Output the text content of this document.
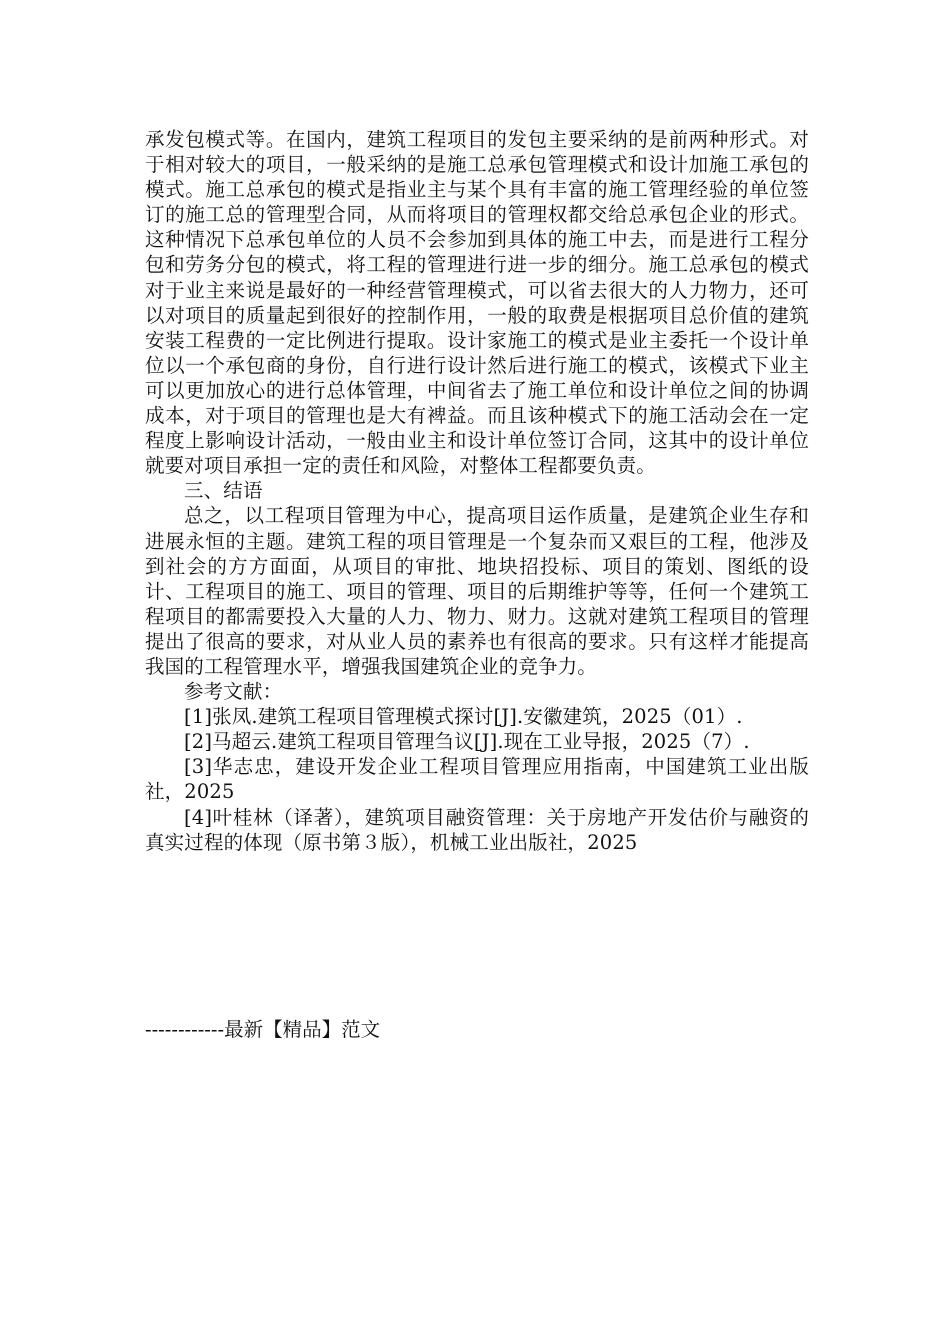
承发包模式等。在国内，建筑工程项目的发包主要采纳的是前两种形式。对于相对较大的项目，一般采纳的是施工总承包管理模式和设计加施工承包的模式。施工总承包的模式是指业主与某个具有丰富的施工管理经验的单位签订的施工总的管理型合同，从而将项目的管理权都交给总承包企业的形式。这种情况下总承包单位的人员不会参加到具体的施工中去，而是进行工程分包和劳务分包的模式，将工程的管理进行进一步的细分。施工总承包的模式对于业主来说是最好的一种经营管理模式，可以省去很大的人力物力，还可以对项目的质量起到很好的控制作用，一般的取费是根据项目总价值的建筑安装工程费的一定比例进行提取。设计家施工的模式是业主委托一个设计单位以一个承包商的身份，自行进行设计然后进行施工的模式，该模式下业主可以更加放心的进行总体管理，中间省去了施工单位和设计单位之间的协调成本，对于项目的管理也是大有裨益。而且该种模式下的施工活动会在一定程度上影响设计活动，一般由业主和设计单位签订合同，这其中的设计单位就要对项目承担一定的责任和风险，对整体工程都要负责。

三、结语

总之，以工程项目管理为中心，提高项目运作质量，是建筑企业生存和进展永恒的主题。建筑工程的项目管理是一个复杂而又艰巨的工程，他涉及到社会的方方面面，从项目的审批、地块招投标、项目的策划、图纸的设计、工程项目的施工、项目的管理、项目的后期维护等等，任何一个建筑工程项目的都需要投入大量的人力、物力、财力。这就对建筑工程项目的管理提出了很高的要求，对从业人员的素养也有很高的要求。只有这样才能提高我国的工程管理水平，增强我国建筑企业的竞争力。

参考文献：

[1]张凤.建筑工程项目管理模式探讨[J].安徽建筑，2025（01）.

[2]马超云.建筑工程项目管理刍议[J].现在工业导报，2025（7）.

[3]华志忠，建设开发企业工程项目管理应用指南，中国建筑工业出版社，2025

[4]叶桂林（译著），建筑项目融资管理：关于房地产开发估价与融资的真实过程的体现（原书第３版），机械工业出版社，2025

------------最新【精品】范文
